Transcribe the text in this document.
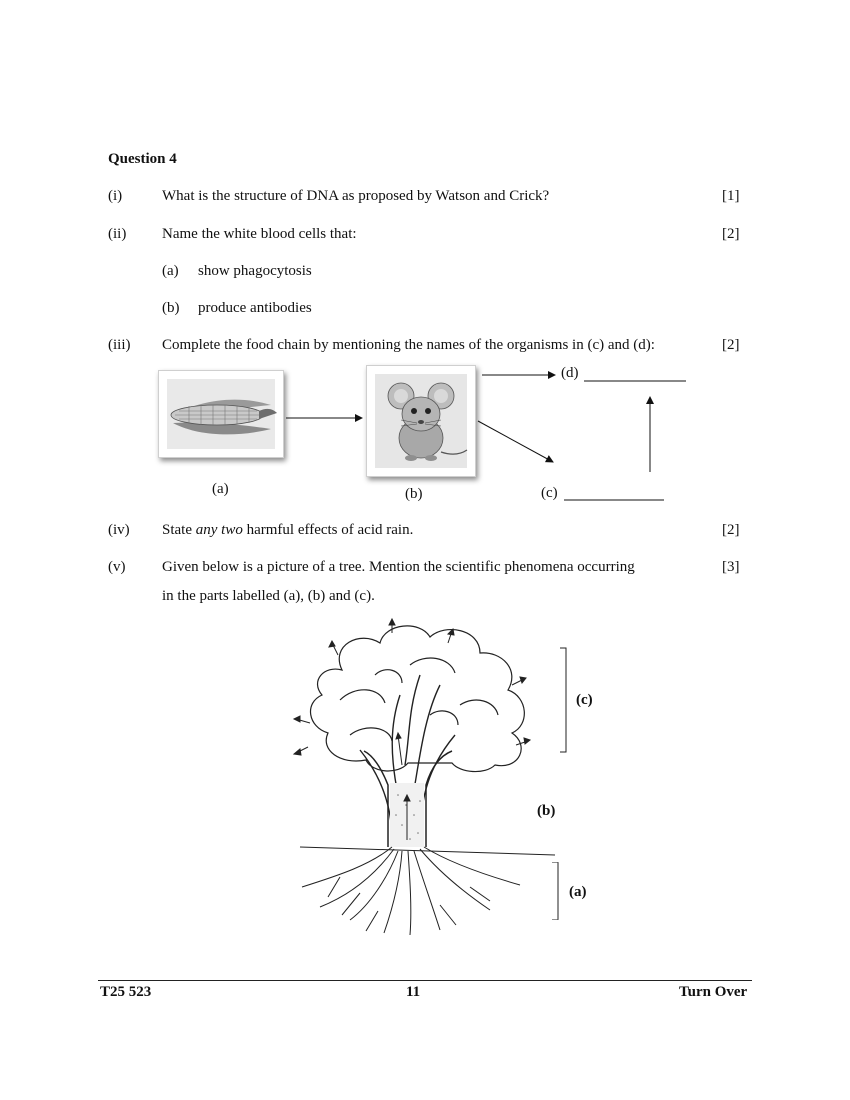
Question 4
(i)	What is the structure of DNA as proposed by Watson and Crick?	[1]
(ii) Name the white blood cells that:	[2]
(a) show phagocytosis
(b) produce antibodies
(iii) Complete the food chain by mentioning the names of the organisms in (c) and (d):	[2]
(d)
(c)
(a)	(b)
(iv) State any two harmful effects of acid rain.	[2]
(v) Given below is a picture of a tree. Mention the scientific phenomena occurring
in the parts labelled (a), (b) and (c).
[3]
(c)
(b)
(a)
T25 523	11	Turn Over
